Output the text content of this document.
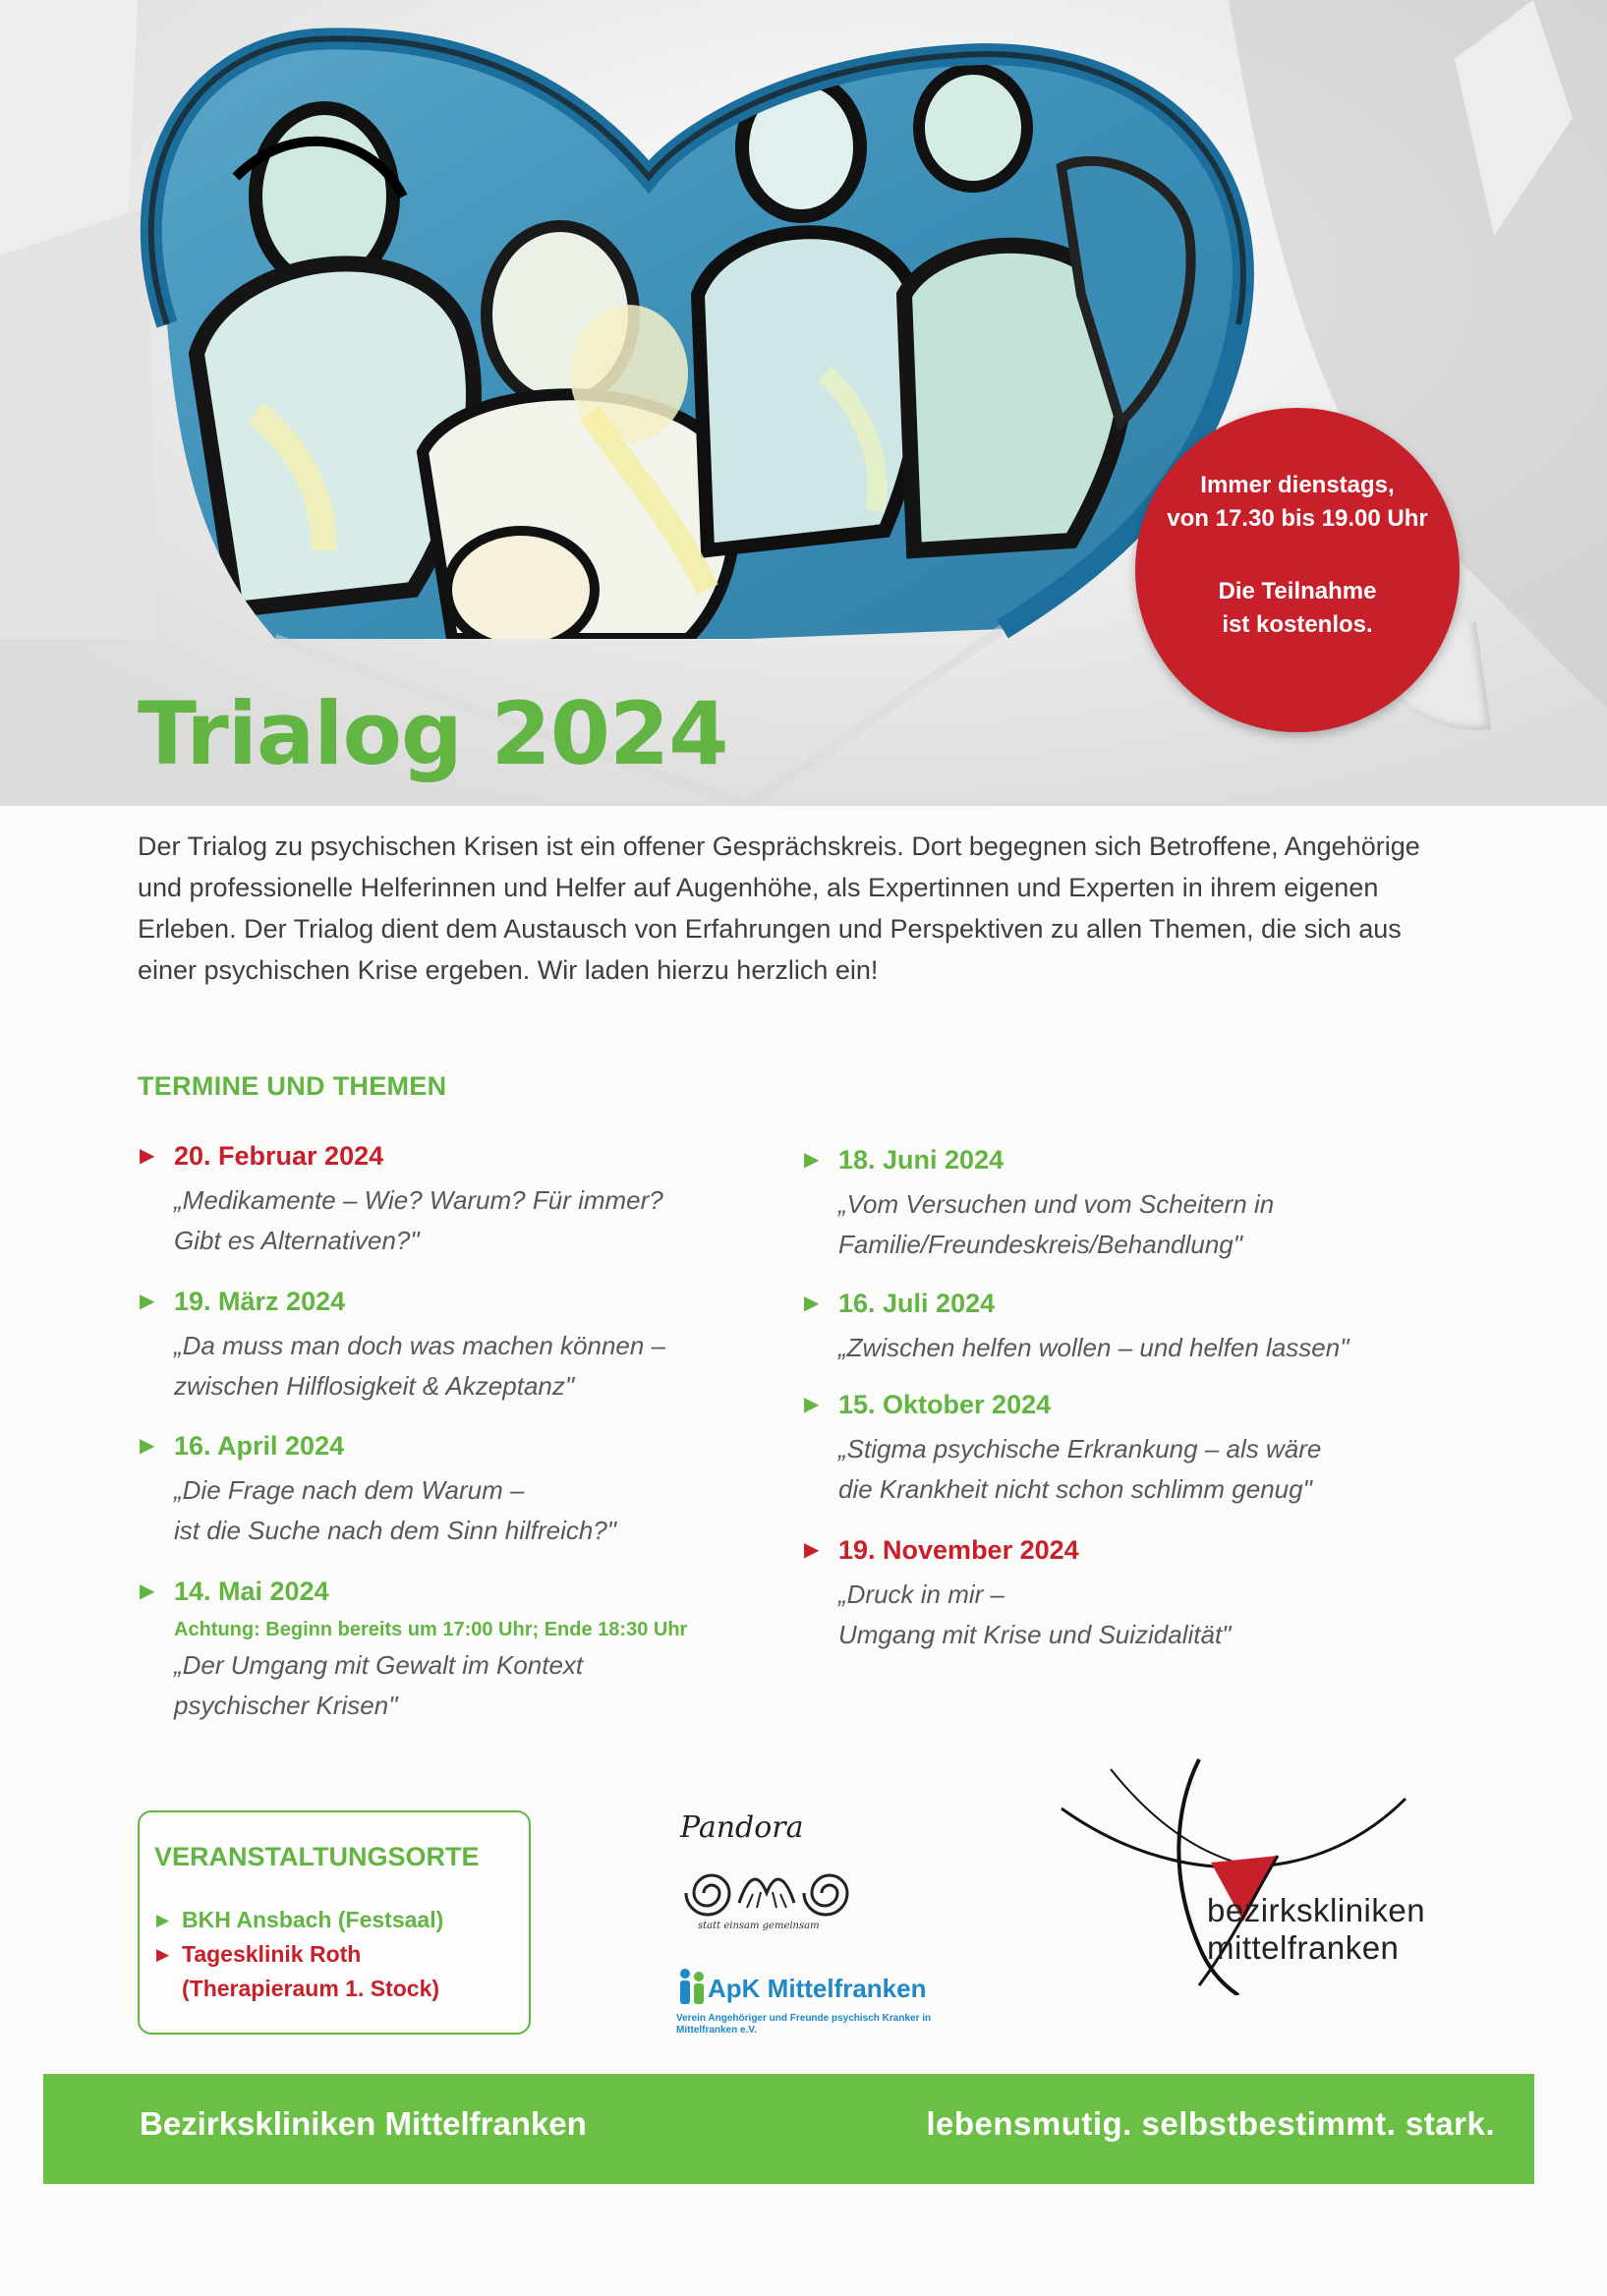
Immer dienstags,
von 17.30 bis 19.00 Uhr
Die Teilnahme
ist kostenlos.
Trialog 2024

Der Trialog zu psychischen Krisen ist ein offener Gesprächskreis. Dort begegnen sich Betroffene, Angehörige und professionelle Helferinnen und Helfer auf Augenhöhe, als Expertinnen und Experten in ihrem eigenen Erleben. Der Trialog dient dem Austausch von Erfahrungen und Perspektiven zu allen Themen, die sich aus einer psychischen Krise ergeben. Wir laden hierzu herzlich ein!

TERMINE UND THEMEN
▶ 20. Februar 2024
„Medikamente – Wie? Warum? Für immer?
Gibt es Alternativen?"
▶ 19. März 2024
„Da muss man doch was machen können –
zwischen Hilflosigkeit & Akzeptanz"
▶ 16. April 2024
„Die Frage nach dem Warum –
ist die Suche nach dem Sinn hilfreich?"
▶ 14. Mai 2024
Achtung: Beginn bereits um 17:00 Uhr; Ende 18:30 Uhr
„Der Umgang mit Gewalt im Kontext
psychischer Krisen"
▶ 18. Juni 2024
„Vom Versuchen und vom Scheitern in
Familie/Freundeskreis/Behandlung"
▶ 16. Juli 2024
„Zwischen helfen wollen – und helfen lassen"
▶ 15. Oktober 2024
„Stigma psychische Erkrankung – als wäre
die Krankheit nicht schon schlimm genug"
▶ 19. November 2024
„Druck in mir –
Umgang mit Krise und Suizidalität"
VERANSTALTUNGSORTE
▶ BKH Ansbach (Festsaal)
▶ Tagesklinik Roth
(Therapieraum 1. Stock)
Pandora
statt einsam gemeinsam
ApK Mittelfranken
Verein Angehöriger und Freunde psychisch Kranker in Mittelfranken e.V.
bezirkskliniken
mittelfranken
Bezirkskliniken Mittelfranken	lebensmutig. selbstbestimmt. stark.
